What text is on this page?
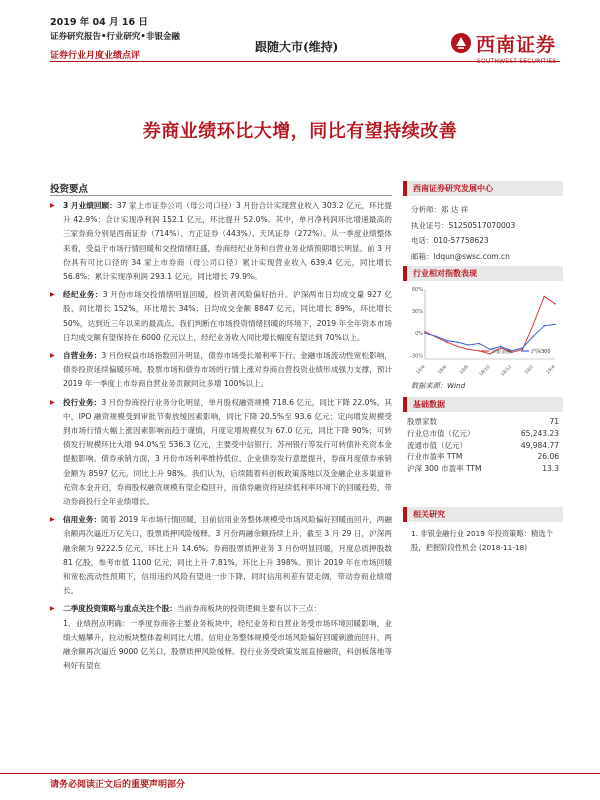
2019 年 04 月 16 日
证券研究报告•行业研究•非银金融
证券行业月度业绩点评
跟随大市(维持)	西南证券
券商业绩环比大增，同比有望持续改善
投资要点

▶ 3 月业绩回顾：37 家上市证券公司（母公司口径）3 月份合计实现营业收入 303.2 亿元，环比提升 42.9%；合计实现净利润 152.1 亿元，环比提升 52.0%。其中，单月净利润环比增速最高的三家券商分别是西南证券（714%）、方正证券（443%）、天风证券（272%）。从一季度业绩整体来看，受益于市场行情回暖和交投情绪旺盛，券商经纪业务和自营业务业绩预期增长明显。前 3 月份具有可比口径的 34 家上市券商（母公司口径）累计实现营业收入 639.4 亿元，同比增长 56.8%；累计实现净利润 293.1 亿元，同比增长 79.9%。

▶ 经纪业务：3 月份市场交投情绪明显回暖，投资者风险偏好抬升。沪深两市日均成交量 927 亿股，同比增长 152%，环比增长 34%；日均成交金额 8847 亿元，同比增长 89%，环比增长 50%，达到近三年以来的最高点。我们判断在市场投资情绪回暖的环境下，2019 年全年资本市场日均成交额有望保持在 6000 亿元以上，经纪业务收入同比增长幅度有望达到 70%以上。

▶ 自营业务：3 月份权益市场指数回升明显，债券市场受长端利率下行、金融市场流动性宽松影响，债券投资延续偏暖环境。股票市场和债券市场的行情上涨对券商自营投资业绩形成强力支撑，预计 2019 年一季度上市券商自营业务贡献同比多增 100%以上。

▶ 投行业务：3 月份券商投行业务分化明显，单月股权融资规模 718.6 亿元，同比下降 22.0%。其中，IPO 融资规模受到审批节奏放缓因素影响，同比下降 20.5%至 93.6 亿元；定向增发规模受到市场行情大幅上涨因素影响而趋于谨慎，月度定增规模仅为 67.0 亿元，同比下降 90%；可转债发行规模环比大增 94.0%至 536.3 亿元，主要受中信银行、苏州银行等发行可转债补充资本金提振影响。债券承销方面，3 月份市场利率维持低位，企业债券发行意愿提升，券商月度债券承销金额为 8597 亿元，同比上升 98%。我们认为，后续随着科创板政策落地以及金融企业多渠道补充资本金开启，券商股权融资规模有望企稳回升，而债券融资将延续低利率环境下的回暖趋势，带动券商投行全年业绩增长。

▶ 信用业务：随着 2019 年市场行情回暖，目前信用业务整体规模受市场风险偏好回暖而回升，两融余额再次逼近万亿关口，股票质押风险缓释。3 月份两融余额持续上升，截至 3 月 29 日，沪深两融余额为 9222.5 亿元，环比上升 14.6%。券商股票质押业务 3 月份明显回暖，月度总质押股数 81 亿股，参考市值 1100 亿元，同比上升 7.81%，环比上升 398%。预计 2019 年在市场回暖和宽松流动性预期下，信用违约风险有望进一步下降，同时信用利差有望走阔，带动券商业绩增长。

▶ 二季度投资策略与重点关注个股：当前券商板块的投资逻辑主要有以下三点：

1、业绩拐点明确：一季度券商各主要业务板块中，经纪业务和自营业务受市场环境回暖影响，业绩大幅攀升，拉动板块整体盈利同比大增。信用业务整体规模受市场风险偏好回暖刺激而回升，两融余额再次逼近 9000 亿关口，股票质押风险缓释。投行业务受政策发展直接融资，科创板落地等利好有望在
西南证券研究发展中心
分析师：郑 达 祥
执业证号：S1250517070003
电话：010-57758623
邮箱：ldqun@swsc.com.cn
行业相对指数表现
-30%
0%
30%
60%
18/4 18/6 18/8 18/10 18/12 19/2 19/4
非银金融	沪深300
数据来源：Wind
基础数据
股票家数	71
行业总市值（亿元）	65,243.23
流通市值（亿元）	49,984.77
行业市盈率 TTM	26.06
沪深 300 市盈率 TTM	13.3
相关研究
1. 非银金融行业 2019 年投资策略：精选个股，把握阶段性机会 (2018-11-18)
请务必阅读正文后的重要声明部分
